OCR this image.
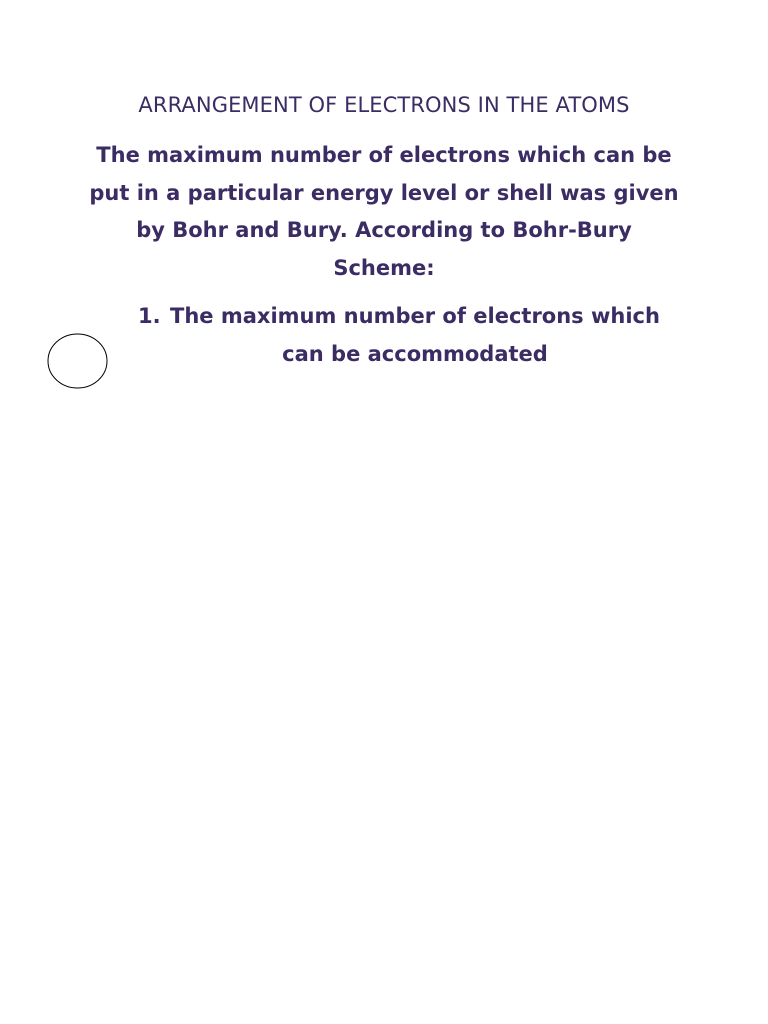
ARRANGEMENT OF ELECTRONS IN THE ATOMS
The maximum number of electrons which can be put in a particular energy level or shell was given by Bohr and Bury. According to Bohr-Bury Scheme:
1. The maximum number of electrons which can be accommodated
